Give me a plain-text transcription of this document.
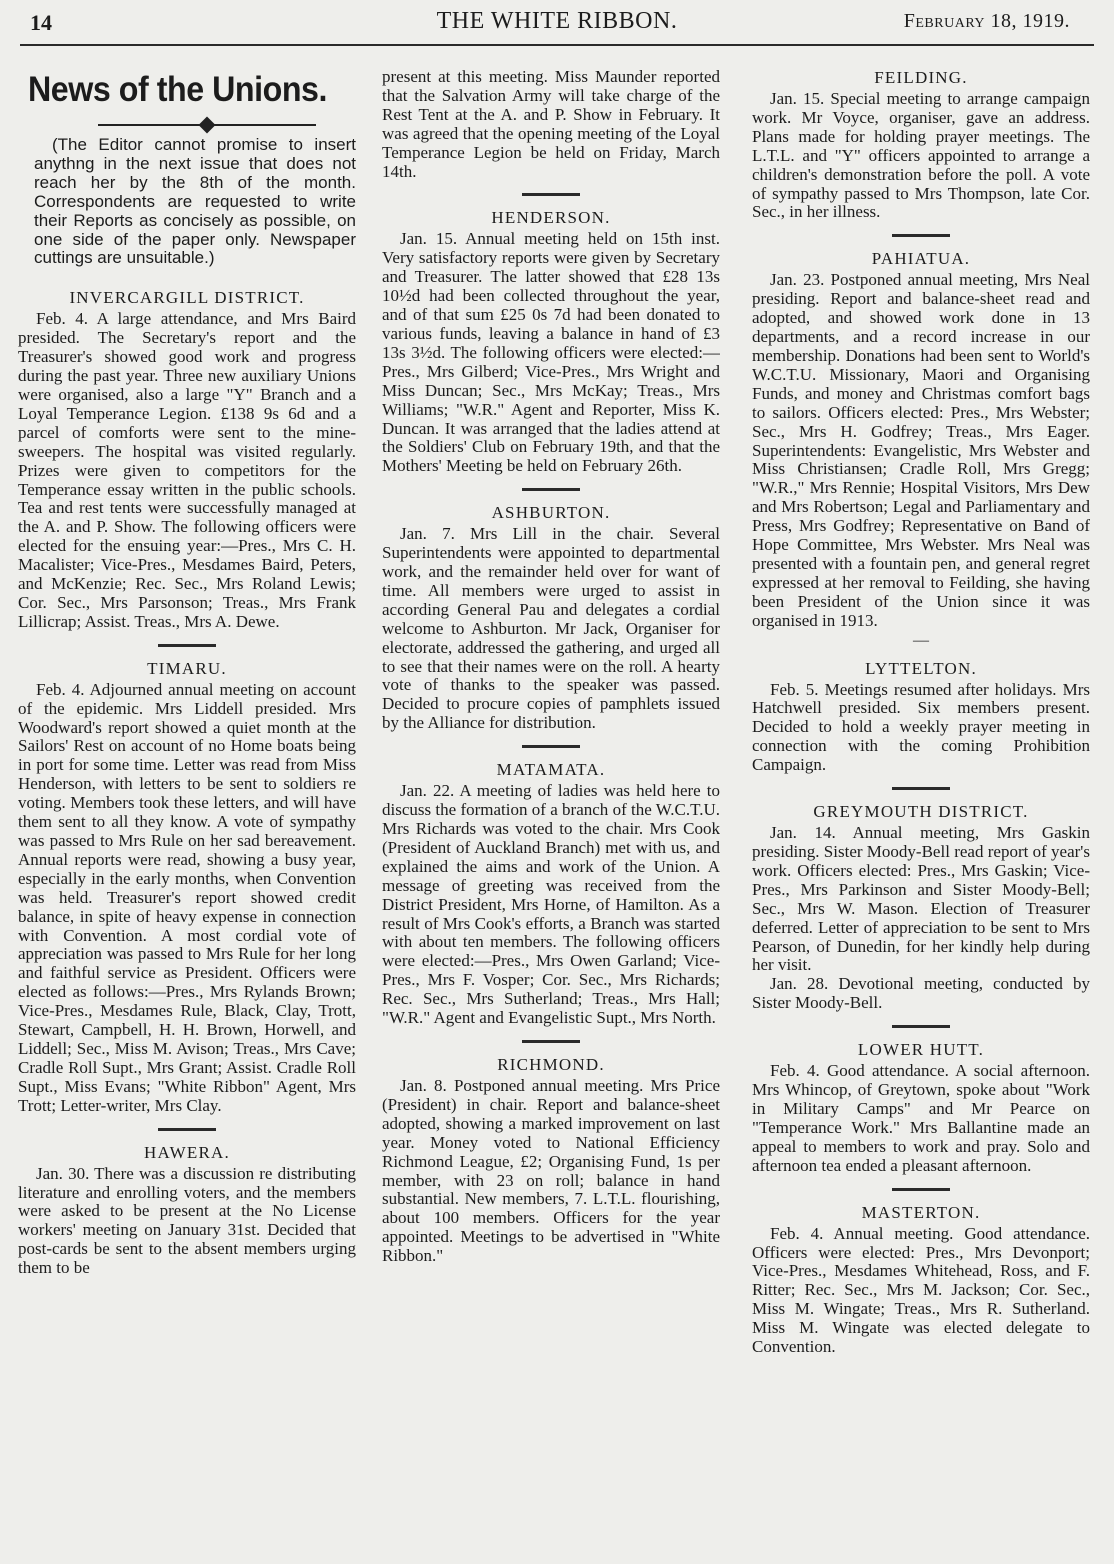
14	THE WHITE RIBBON.	February 18, 1919.
News of the Unions.

(The Editor cannot promise to insert anythng in the next issue that does not reach her by the 8th of the month. Correspondents are requested to write their Reports as concisely as possible, on one side of the paper only. Newspaper cuttings are unsuitable.)

INVERCARGILL DISTRICT.

Feb. 4. A large attendance, and Mrs Baird presided. The Secretary's report and the Treasurer's showed good work and progress during the past year. Three new auxiliary Unions were organised, also a large "Y" Branch and a Loyal Temperance Legion. £138 9s 6d and a parcel of comforts were sent to the mine-sweepers. The hospital was visited regularly. Prizes were given to competitors for the Temperance essay written in the public schools. Tea and rest tents were successfully managed at the A. and P. Show. The following officers were elected for the ensuing year:—Pres., Mrs C. H. Macalister; Vice-Pres., Mesdames Baird, Peters, and McKenzie; Rec. Sec., Mrs Roland Lewis; Cor. Sec., Mrs Parsonson; Treas., Mrs Frank Lillicrap; Assist. Treas., Mrs A. Dewe.

TIMARU.

Feb. 4. Adjourned annual meeting on account of the epidemic. Mrs Liddell presided. Mrs Woodward's report showed a quiet month at the Sailors' Rest on account of no Home boats being in port for some time. Letter was read from Miss Henderson, with letters to be sent to soldiers re voting. Members took these letters, and will have them sent to all they know. A vote of sympathy was passed to Mrs Rule on her sad bereavement. Annual reports were read, showing a busy year, especially in the early months, when Convention was held. Treasurer's report showed credit balance, in spite of heavy expense in connection with Convention. A most cordial vote of appreciation was passed to Mrs Rule for her long and faithful service as President. Officers were elected as follows:—Pres., Mrs Rylands Brown; Vice-Pres., Mesdames Rule, Black, Clay, Trott, Stewart, Campbell, H. H. Brown, Horwell, and Liddell; Sec., Miss M. Avison; Treas., Mrs Cave; Cradle Roll Supt., Mrs Grant; Assist. Cradle Roll Supt., Miss Evans; "White Ribbon" Agent, Mrs Trott; Letter-writer, Mrs Clay.

HAWERA.

Jan. 30. There was a discussion re distributing literature and enrolling voters, and the members were asked to be present at the No License workers' meeting on January 31st. Decided that post-cards be sent to the absent members urging them to be

present at this meeting. Miss Maunder reported that the Salvation Army will take charge of the Rest Tent at the A. and P. Show in February. It was agreed that the opening meeting of the Loyal Temperance Legion be held on Friday, March 14th.

HENDERSON.

Jan. 15. Annual meeting held on 15th inst. Very satisfactory reports were given by Secretary and Treasurer. The latter showed that £28 13s 10½d had been collected throughout the year, and of that sum £25 0s 7d had been donated to various funds, leaving a balance in hand of £3 13s 3½d. The following officers were elected:—Pres., Mrs Gilberd; Vice-Pres., Mrs Wright and Miss Duncan; Sec., Mrs McKay; Treas., Mrs Williams; "W.R." Agent and Reporter, Miss K. Duncan. It was arranged that the ladies attend at the Soldiers' Club on February 19th, and that the Mothers' Meeting be held on February 26th.

ASHBURTON.

Jan. 7. Mrs Lill in the chair. Several Superintendents were appointed to departmental work, and the remainder held over for want of time. All members were urged to assist in according General Pau and delegates a cordial welcome to Ashburton. Mr Jack, Organiser for electorate, addressed the gathering, and urged all to see that their names were on the roll. A hearty vote of thanks to the speaker was passed. Decided to procure copies of pamphlets issued by the Alliance for distribution.

MATAMATA.

Jan. 22. A meeting of ladies was held here to discuss the formation of a branch of the W.C.T.U. Mrs Richards was voted to the chair. Mrs Cook (President of Auckland Branch) met with us, and explained the aims and work of the Union. A message of greeting was received from the District President, Mrs Horne, of Hamilton. As a result of Mrs Cook's efforts, a Branch was started with about ten members. The following officers were elected:—Pres., Mrs Owen Garland; Vice-Pres., Mrs F. Vosper; Cor. Sec., Mrs Richards; Rec. Sec., Mrs Sutherland; Treas., Mrs Hall; "W.R." Agent and Evangelistic Supt., Mrs North.

RICHMOND.

Jan. 8. Postponed annual meeting. Mrs Price (President) in chair. Report and balance-sheet adopted, showing a marked improvement on last year. Money voted to National Efficiency Richmond League, £2; Organising Fund, 1s per member, with 23 on roll; balance in hand substantial. New members, 7. L.T.L. flourishing, about 100 members. Officers for the year appointed. Meetings to be advertised in "White Ribbon."

FEILDING.

Jan. 15. Special meeting to arrange campaign work. Mr Voyce, organiser, gave an address. Plans made for holding prayer meetings. The L.T.L. and "Y" officers appointed to arrange a children's demonstration before the poll. A vote of sympathy passed to Mrs Thompson, late Cor. Sec., in her illness.

PAHIATUA.

Jan. 23. Postponed annual meeting, Mrs Neal presiding. Report and balance-sheet read and adopted, and showed work done in 13 departments, and a record increase in our membership. Donations had been sent to World's W.C.T.U. Missionary, Maori and Organising Funds, and money and Christmas comfort bags to sailors. Officers elected: Pres., Mrs Webster; Sec., Mrs H. Godfrey; Treas., Mrs Eager. Superintendents: Evangelistic, Mrs Webster and Miss Christiansen; Cradle Roll, Mrs Gregg; "W.R.," Mrs Rennie; Hospital Visitors, Mrs Dew and Mrs Robertson; Legal and Parliamentary and Press, Mrs Godfrey; Representative on Band of Hope Committee, Mrs Webster. Mrs Neal was presented with a fountain pen, and general regret expressed at her removal to Feilding, she having been President of the Union since it was organised in 1913.

—
LYTTELTON.

Feb. 5. Meetings resumed after holidays. Mrs Hatchwell presided. Six members present. Decided to hold a weekly prayer meeting in connection with the coming Prohibition Campaign.

GREYMOUTH DISTRICT.

Jan. 14. Annual meeting, Mrs Gaskin presiding. Sister Moody-Bell read report of year's work. Officers elected: Pres., Mrs Gaskin; Vice-Pres., Mrs Parkinson and Sister Moody-Bell; Sec., Mrs W. Mason. Election of Treasurer deferred. Letter of appreciation to be sent to Mrs Pearson, of Dunedin, for her kindly help during her visit.

Jan. 28. Devotional meeting, conducted by Sister Moody-Bell.

LOWER HUTT.

Feb. 4. Good attendance. A social afternoon. Mrs Whincop, of Greytown, spoke about "Work in Military Camps" and Mr Pearce on "Temperance Work." Mrs Ballantine made an appeal to members to work and pray. Solo and afternoon tea ended a pleasant afternoon.

MASTERTON.

Feb. 4. Annual meeting. Good attendance. Officers were elected: Pres., Mrs Devonport; Vice-Pres., Mesdames Whitehead, Ross, and F. Ritter; Rec. Sec., Mrs M. Jackson; Cor. Sec., Miss M. Wingate; Treas., Mrs R. Sutherland. Miss M. Wingate was elected delegate to Convention.
